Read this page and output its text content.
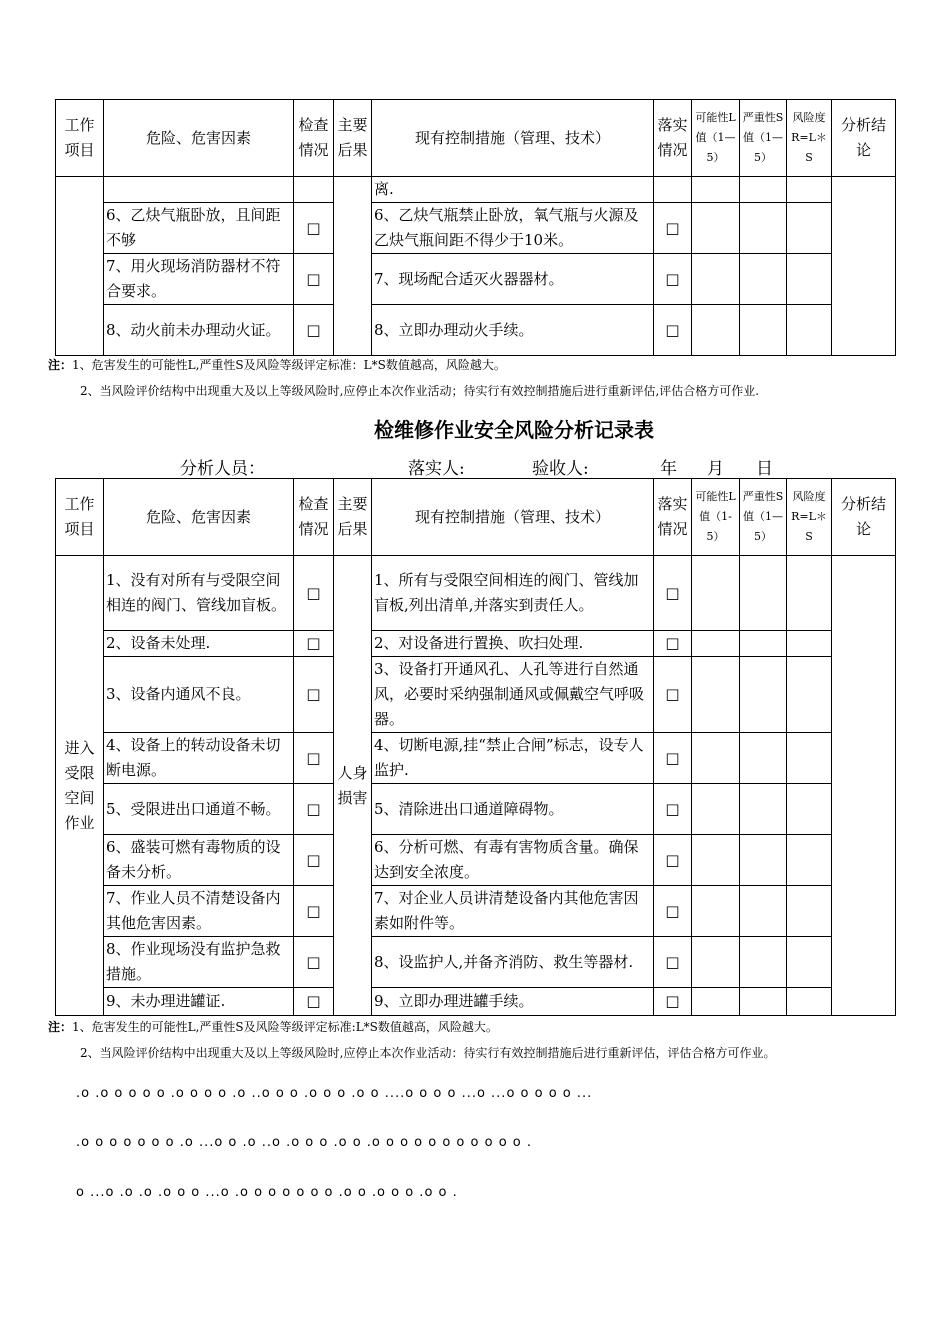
工作项目	危险、危害因素	检查情况	主要后果	现有控制措施（管理、技术）	落实情况	可能性L值（1—5）	严重性S值（1—5）	风险度R=L＊S	分析结论
				离.					
	6、乙炔气瓶卧放，且间距不够	□		6、乙炔气瓶禁止卧放，氧气瓶与火源及乙炔气瓶间距不得少于10米。	□				
	7、用火现场消防器材不符合要求。	□		7、现场配合适灭火器器材。	□				
	8、动火前未办理动火证。	□		8、立即办理动火手续。	□				
注：1、危害发生的可能性L,严重性S及风险等级评定标准：L*S数值越高，风险越大。
2、当风险评价结构中出现重大及以上等级风险时,应停止本次作业活动；待实行有效控制措施后进行重新评估,评估合格方可作业.
检维修作业安全风险分析记录表
分析人员：	落实人:	验收人:	年 月 日
工作项目	危险、危害因素	检查情况	主要后果	现有控制措施（管理、技术）	落实情况	可能性L值（1-5）	严重性S值（1—5）	风险度R=L＊S	分析结论
进入受限空间作业	1、没有对所有与受限空间相连的阀门、管线加盲板。	□	人身损害	1、所有与受限空间相连的阀门、管线加盲板,列出清单,并落实到责任人。	□				
	2、设备未处理.	□		2、对设备进行置换、吹扫处理.	□				
	3、设备内通风不良。	□		3、设备打开通风孔、人孔等进行自然通风，必要时采纳强制通风或佩戴空气呼吸器。	□				
	4、设备上的转动设备未切断电源。	□		4、切断电源,挂“禁止合闸”标志，设专人监护.	□				
	5、受限进出口通道不畅。	□		5、清除进出口通道障碍物。	□				
	6、盛装可燃有毒物质的设备未分析。	□		6、分析可燃、有毒有害物质含量。确保达到安全浓度。	□				
	7、作业人员不清楚设备内其他危害因素。	□		7、对企业人员讲清楚设备内其他危害因素如附件等。	□				
	8、作业现场没有监护急救措施。	□		8、设监护人,并备齐消防、救生等器材.	□				
	9、未办理进罐证.	□		9、立即办理进罐手续。	□				
注：1、危害发生的可能性L,严重性S及风险等级评定标准:L*S数值越高，风险越大。
2、当风险评价结构中出现重大及以上等级风险时,应停止本次作业活动：待实行有效控制措施后进行重新评估，评估合格方可作业。
.o .o o o o o .o o o o .o ..o o o .o o o .o o ....o o o o ...o ...o o o o o ...
.o o o o o o o .o ...o o .o ..o .o o o .o o .o o o o o o o o o o o .
o ...o .o .o .o o o ...o .o o o o o o o .o o .o o o .o o .
